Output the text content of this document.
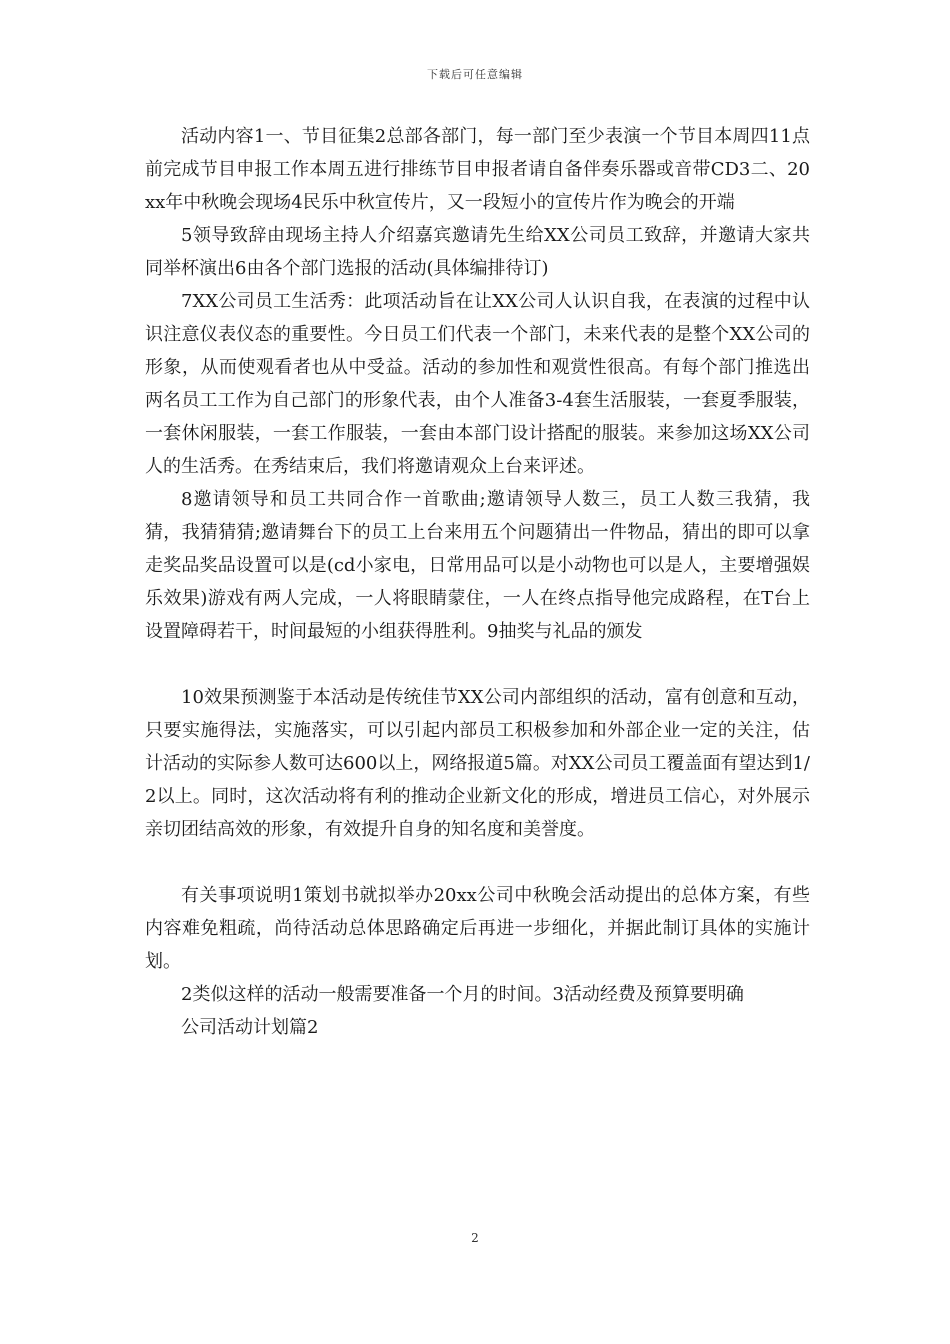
下载后可任意编辑

活动内容1一、节目征集2总部各部门，每一部门至少表演一个节目本周四11点前完成节目申报工作本周五进行排练节目申报者请自备伴奏乐器或音带CD3二、20xx年中秋晚会现场4民乐中秋宣传片，又一段短小的宣传片作为晚会的开端

5领导致辞由现场主持人介绍嘉宾邀请先生给XX公司员工致辞，并邀请大家共同举杯演出6由各个部门选报的活动(具体编排待订)

7XX公司员工生活秀：此项活动旨在让XX公司人认识自我，在表演的过程中认识注意仪表仪态的重要性。今日员工们代表一个部门，未来代表的是整个XX公司的形象，从而使观看者也从中受益。活动的参加性和观赏性很高。有每个部门推选出两名员工工作为自己部门的形象代表，由个人准备3-4套生活服装，一套夏季服装，一套休闲服装，一套工作服装，一套由本部门设计搭配的服装。来参加这场XX公司人的生活秀。在秀结束后，我们将邀请观众上台来评述。

8邀请领导和员工共同合作一首歌曲;邀请领导人数三，员工人数三我猜，我猜，我猜猜猜;邀请舞台下的员工上台来用五个问题猜出一件物品，猜出的即可以拿走奖品奖品设置可以是(cd小家电，日常用品可以是小动物也可以是人，主要增强娱乐效果)游戏有两人完成，一人将眼睛蒙住，一人在终点指导他完成路程，在T台上设置障碍若干，时间最短的小组获得胜利。9抽奖与礼品的颁发

10效果预测鉴于本活动是传统佳节XX公司内部组织的活动，富有创意和互动，只要实施得法，实施落实，可以引起内部员工积极参加和外部企业一定的关注，估计活动的实际参人数可达600以上，网络报道5篇。对XX公司员工覆盖面有望达到1/2以上。同时，这次活动将有利的推动企业新文化的形成，增进员工信心，对外展示亲切团结高效的形象，有效提升自身的知名度和美誉度。

有关事项说明1策划书就拟举办20xx公司中秋晚会活动提出的总体方案，有些内容难免粗疏，尚待活动总体思路确定后再进一步细化，并据此制订具体的实施计划。

2类似这样的活动一般需要准备一个月的时间。3活动经费及预算要明确

公司活动计划篇2

2
